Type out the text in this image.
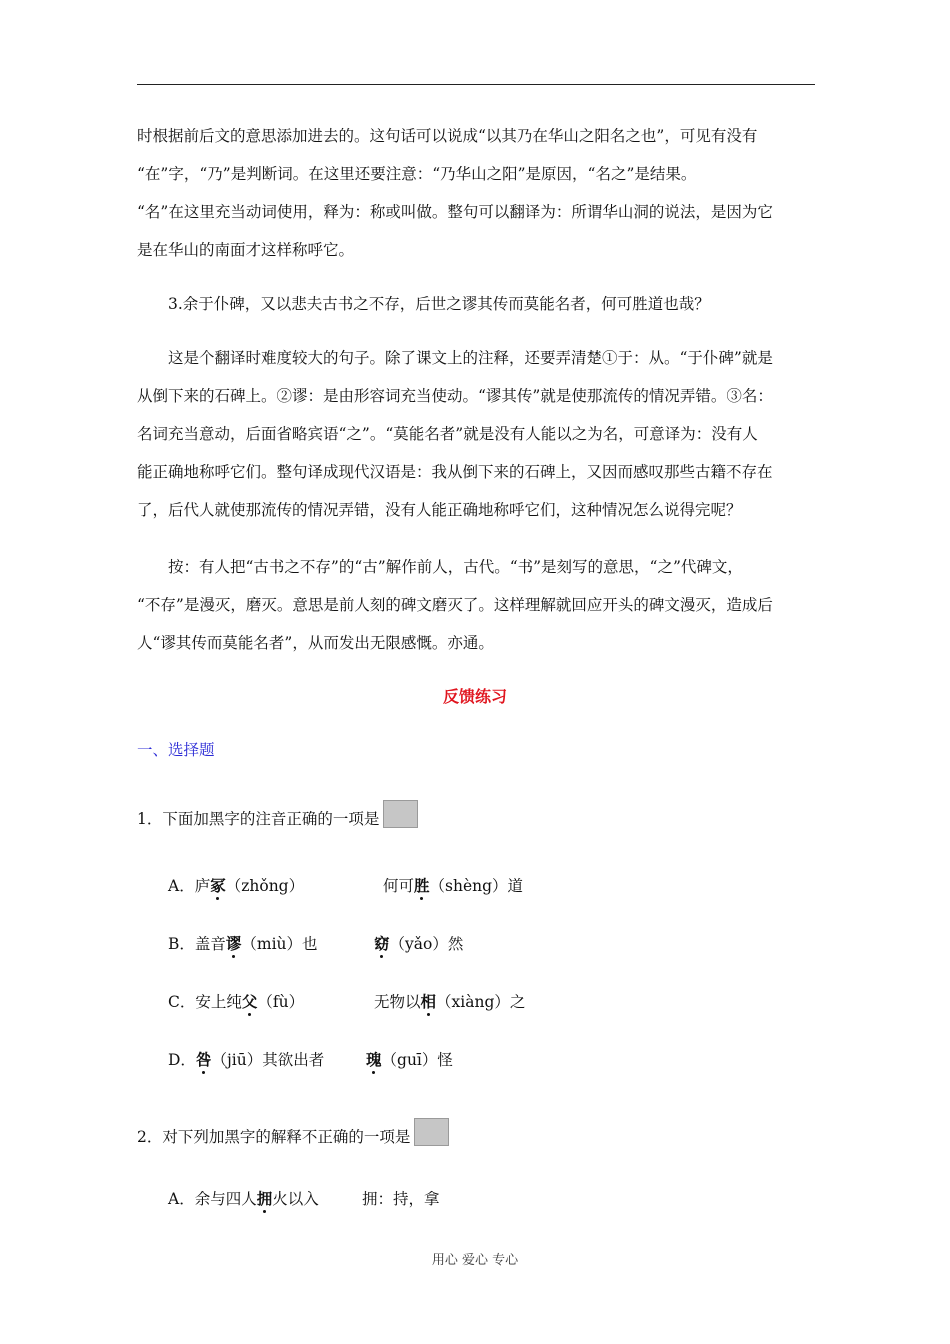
时根据前后文的意思添加进去的。这句话可以说成“以其乃在华山之阳名之也”，可见有没有
“在”字，“乃”是判断词。在这里还要注意：“乃华山之阳”是原因，“名之”是结果。
“名”在这里充当动词使用，释为：称或叫做。整句可以翻译为：所谓华山洞的说法，是因为它
是在华山的南面才这样称呼它。
3.余于仆碑，又以悲夫古书之不存，后世之谬其传而莫能名者，何可胜道也哉？
这是个翻译时难度较大的句子。除了课文上的注释，还要弄清楚①于：从。“于仆碑”就是
从倒下来的石碑上。②谬：是由形容词充当使动。“谬其传”就是使那流传的情况弄错。③名：
名词充当意动，后面省略宾语“之”。“莫能名者”就是没有人能以之为名，可意译为：没有人
能正确地称呼它们。整句译成现代汉语是：我从倒下来的石碑上，又因而感叹那些古籍不存在
了，后代人就使那流传的情况弄错，没有人能正确地称呼它们，这种情况怎么说得完呢？
按：有人把“古书之不存”的“古”解作前人，古代。“书”是刻写的意思，“之”代碑文，
“不存”是漫灭，磨灭。意思是前人刻的碑文磨灭了。这样理解就回应开头的碑文漫灭，造成后
人“谬其传而莫能名者”，从而发出无限感慨。亦通。
反馈练习
一、选择题
1．下面加黑字的注音正确的一项是
A．庐冢（zhǒng）	何可胜（shèng）道
B．盖音谬（miù）也	窈（yǎo）然
C．安上纯父（fù）	无物以相（xiàng）之
D．咎（jiū）其欲出者	瑰（guī）怪
2．对下列加黑字的解释不正确的一项是
A．余与四人拥火以入	拥：持，拿
用心 爱心 专心
